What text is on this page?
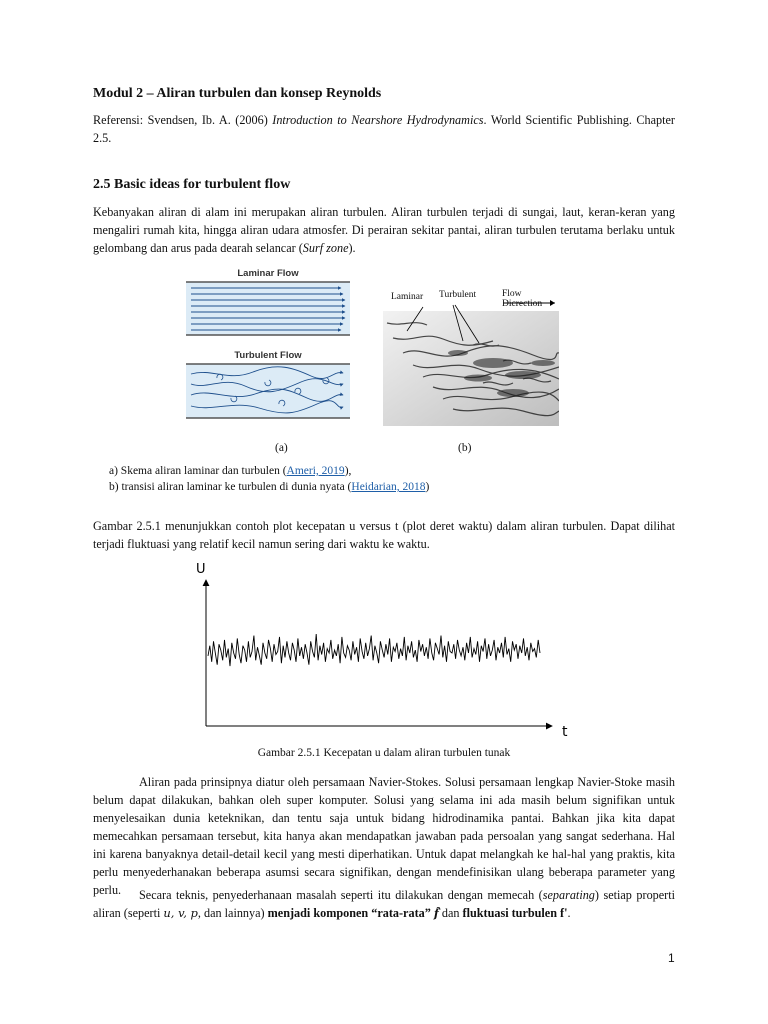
Modul 2 – Aliran turbulen dan konsep Reynolds
Referensi: Svendsen, Ib. A. (2006) Introduction to Nearshore Hydrodynamics. World Scientific Publishing. Chapter 2.5.
2.5 Basic ideas for turbulent flow
Kebanyakan aliran di alam ini merupakan aliran turbulen. Aliran turbulen terjadi di sungai, laut, keran-keran yang mengaliri rumah kita, hingga aliran udara atmosfer. Di perairan sekitar pantai, aliran turbulen terutama berlaku untuk gelombang dan arus pada dearah selancar (Surf zone).
Laminar Flow
Turbulent Flow
Laminar Turbulent	Flow Dicrection
(a)	(b)
a) Skema aliran laminar dan turbulen (Ameri, 2019),
b) transisi aliran laminar ke turbulen di dunia nyata (Heidarian, 2018)
Gambar 2.5.1 menunjukkan contoh plot kecepatan u versus t (plot deret waktu) dalam aliran turbulen. Dapat dilihat terjadi fluktuasi yang relatif kecil namun sering dari waktu ke waktu.
U
t
Gambar 2.5.1 Kecepatan u dalam aliran turbulen tunak
Aliran pada prinsipnya diatur oleh persamaan Navier-Stokes. Solusi persamaan lengkap Navier-Stoke masih belum dapat dilakukan, bahkan oleh super komputer. Solusi yang selama ini ada masih belum signifikan untuk menyelesaikan dunia keteknikan, dan tentu saja untuk bidang hidrodinamika pantai. Bahkan jika kita dapat memecahkan persamaan tersebut, kita hanya akan mendapatkan jawaban pada persoalan yang sangat sederhana. Hal ini karena banyaknya detail-detail kecil yang mesti diperhatikan. Untuk dapat melangkah ke hal-hal yang praktis, kita perlu menyederhanakan beberapa asumsi secara signifikan, dengan mendefinisikan ulang beberapa parameter yang perlu.	Secara teknis, penyederhanaan masalah seperti itu dilakukan dengan memecah (separating) setiap properti aliran (seperti u, v, p, dan lainnya) menjadi komponen “rata-rata” f̂ dan fluktuasi turbulen f'.
1
